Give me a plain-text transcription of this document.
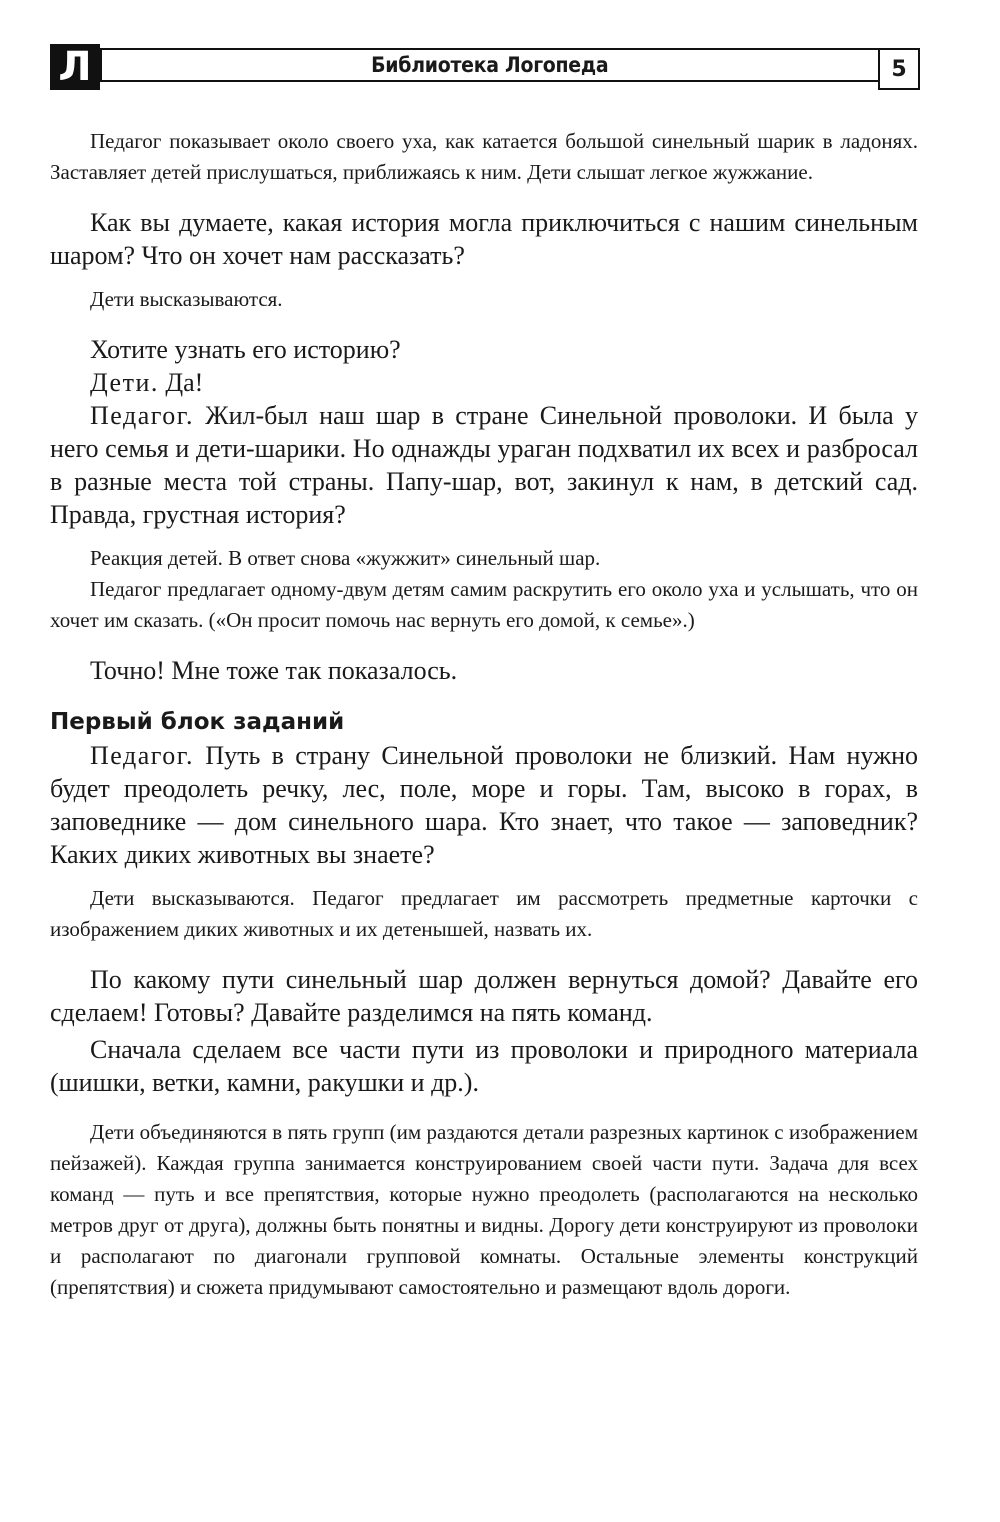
Л	Библиотека Логопеда	5

Педагог показывает около своего уха, как катается большой синельный шарик в ладонях. Заставляет детей прислушаться, приближаясь к ним. Дети слышат легкое жужжание.

Как вы думаете, какая история могла приключиться с нашим синельным шаром? Что он хочет нам рассказать?

Дети высказываются.

Хотите узнать его историю?

Дети. Да!

Педагог. Жил-был наш шар в стране Синельной проволоки. И была у него семья и дети-шарики. Но однажды ураган подхватил их всех и разбросал в разные места той страны. Папу-шар, вот, закинул к нам, в детский сад. Правда, грустная история?

Реакция детей. В ответ снова «жужжит» синельный шар.

Педагог предлагает одному-двум детям самим раскрутить его около уха и услышать, что он хочет им сказать. («Он просит помочь нас вернуть его домой, к семье».)

Точно! Мне тоже так показалось.

Первый блок заданий

Педагог. Путь в страну Синельной проволоки не близкий. Нам нужно будет преодолеть речку, лес, поле, море и горы. Там, высоко в горах, в заповеднике — дом синельного шара. Кто знает, что такое — заповедник? Каких диких животных вы знаете?

Дети высказываются. Педагог предлагает им рассмотреть предметные карточки с изображением диких животных и их детенышей, назвать их.

По какому пути синельный шар должен вернуться домой? Давайте его сделаем! Готовы? Давайте разделимся на пять команд.

Сначала сделаем все части пути из проволоки и природного материала (шишки, ветки, камни, ракушки и др.).

Дети объединяются в пять групп (им раздаются детали разрезных картинок с изображением пейзажей). Каждая группа занимается конструированием своей части пути. Задача для всех команд — путь и все препятствия, которые нужно преодолеть (располагаются на несколько метров друг от друга), должны быть понятны и видны. Дорогу дети конструируют из проволоки и располагают по диагонали групповой комнаты. Остальные элементы конструкций (препятствия) и сюжета придумывают самостоятельно и размещают вдоль дороги.
